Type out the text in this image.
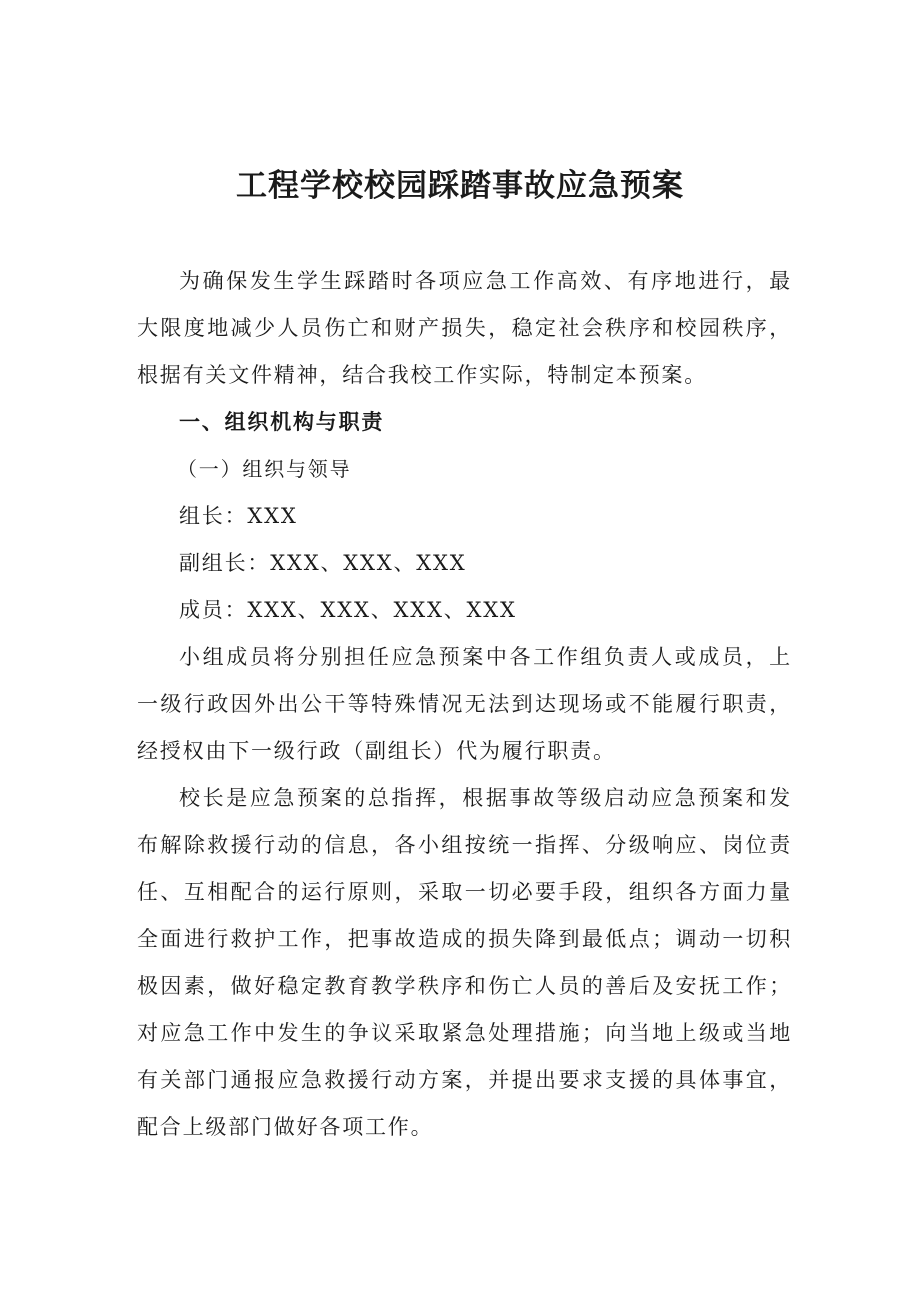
工程学校校园踩踏事故应急预案

为确保发生学生踩踏时各项应急工作高效、有序地进行，最大限度地减少人员伤亡和财产损失，稳定社会秩序和校园秩序，根据有关文件精神，结合我校工作实际，特制定本预案。

一、组织机构与职责

（一）组织与领导

组长：XXX

副组长：XXX、XXX、XXX

成员：XXX、XXX、XXX、XXX

小组成员将分别担任应急预案中各工作组负责人或成员，上一级行政因外出公干等特殊情况无法到达现场或不能履行职责，经授权由下一级行政（副组长）代为履行职责。

校长是应急预案的总指挥，根据事故等级启动应急预案和发布解除救援行动的信息，各小组按统一指挥、分级响应、岗位责任、互相配合的运行原则，采取一切必要手段，组织各方面力量全面进行救护工作，把事故造成的损失降到最低点；调动一切积极因素，做好稳定教育教学秩序和伤亡人员的善后及安抚工作；对应急工作中发生的争议采取紧急处理措施；向当地上级或当地有关部门通报应急救援行动方案，并提出要求支援的具体事宜，配合上级部门做好各项工作。
